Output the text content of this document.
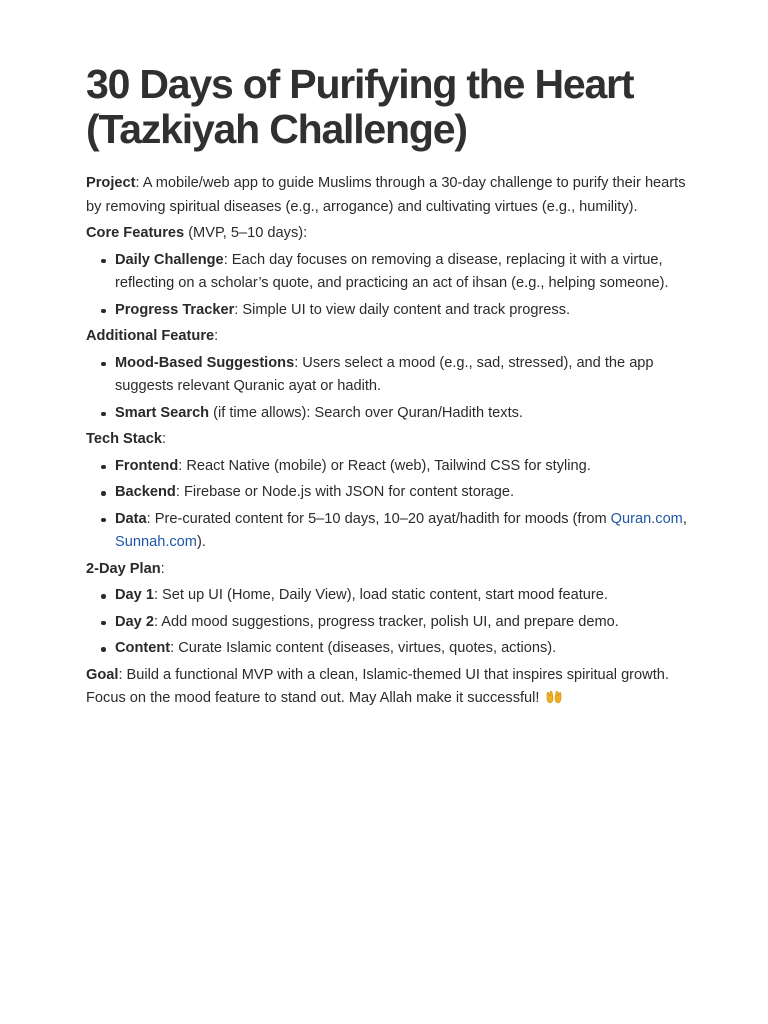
30 Days of Purifying the Heart
(Tazkiyah Challenge)

Project: A mobile/web app to guide Muslims through a 30-day challenge to purify their hearts by removing spiritual diseases (e.g., arrogance) and cultivating virtues (e.g., humility).

Core Features (MVP, 5–10 days):

Daily Challenge: Each day focuses on removing a disease, replacing it with a virtue, reflecting on a scholar’s quote, and practicing an act of ihsan (e.g., helping someone).
Progress Tracker: Simple UI to view daily content and track progress.

Additional Feature:

Mood-Based Suggestions: Users select a mood (e.g., sad, stressed), and the app suggests relevant Quranic ayat or hadith.
Smart Search (if time allows): Search over Quran/Hadith texts.

Tech Stack:

Frontend: React Native (mobile) or React (web), Tailwind CSS for styling.
Backend: Firebase or Node.js with JSON for content storage.
Data: Pre-curated content for 5–10 days, 10–20 ayat/hadith for moods (from Quran.com, Sunnah.com).

2-Day Plan:

Day 1: Set up UI (Home, Daily View), load static content, start mood feature.
Day 2: Add mood suggestions, progress tracker, polish UI, and prepare demo.
Content: Curate Islamic content (diseases, virtues, quotes, actions).

Goal: Build a functional MVP with a clean, Islamic-themed UI that inspires spiritual growth. Focus on the mood feature to stand out. May Allah make it successful!
